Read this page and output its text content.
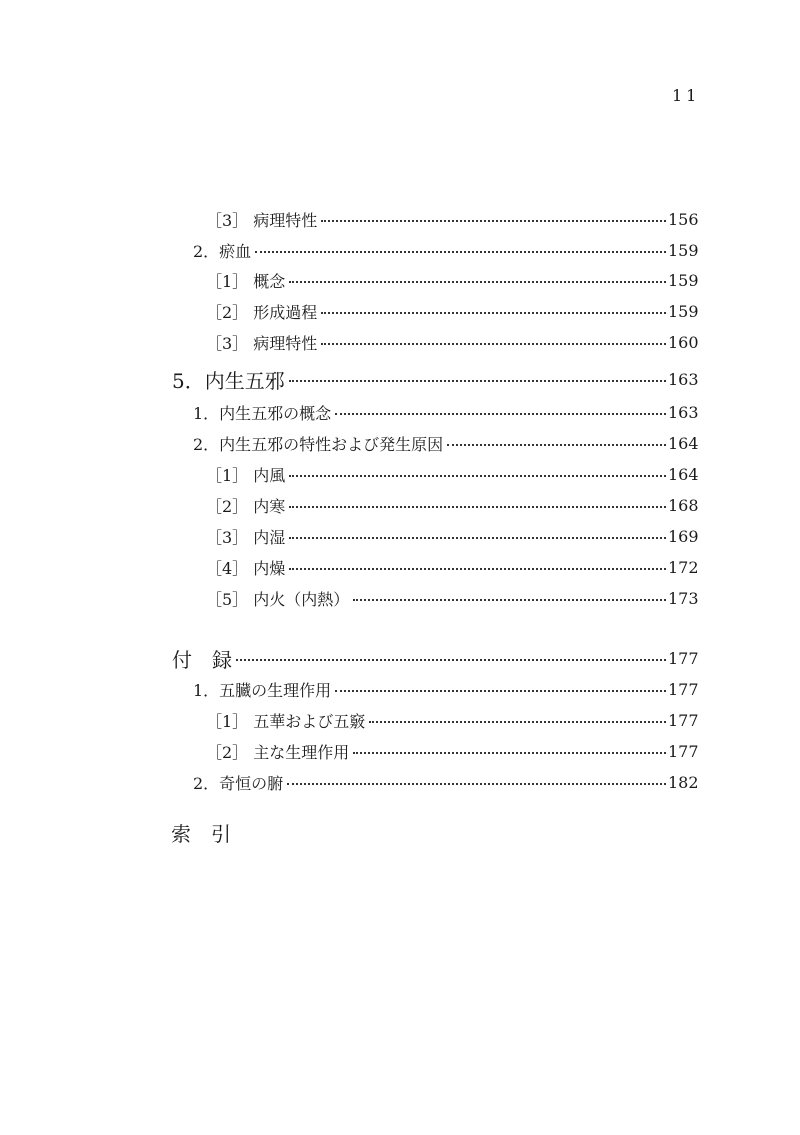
11
［3］ 病理特性	156
2．瘀血	159
［1］ 概念	159
［2］ 形成過程	159
［3］ 病理特性	160
5．内生五邪	163
1．内生五邪の概念	163
2．内生五邪の特性および発生原因	164
［1］ 内風	164
［2］ 内寒	168
［3］ 内湿	169
［4］ 内燥	172
［5］ 内火（内熱）	173
付　録	177
1．五臓の生理作用	177
［1］ 五華および五竅	177
［2］ 主な生理作用	177
2．奇恒の腑	182
索　引
